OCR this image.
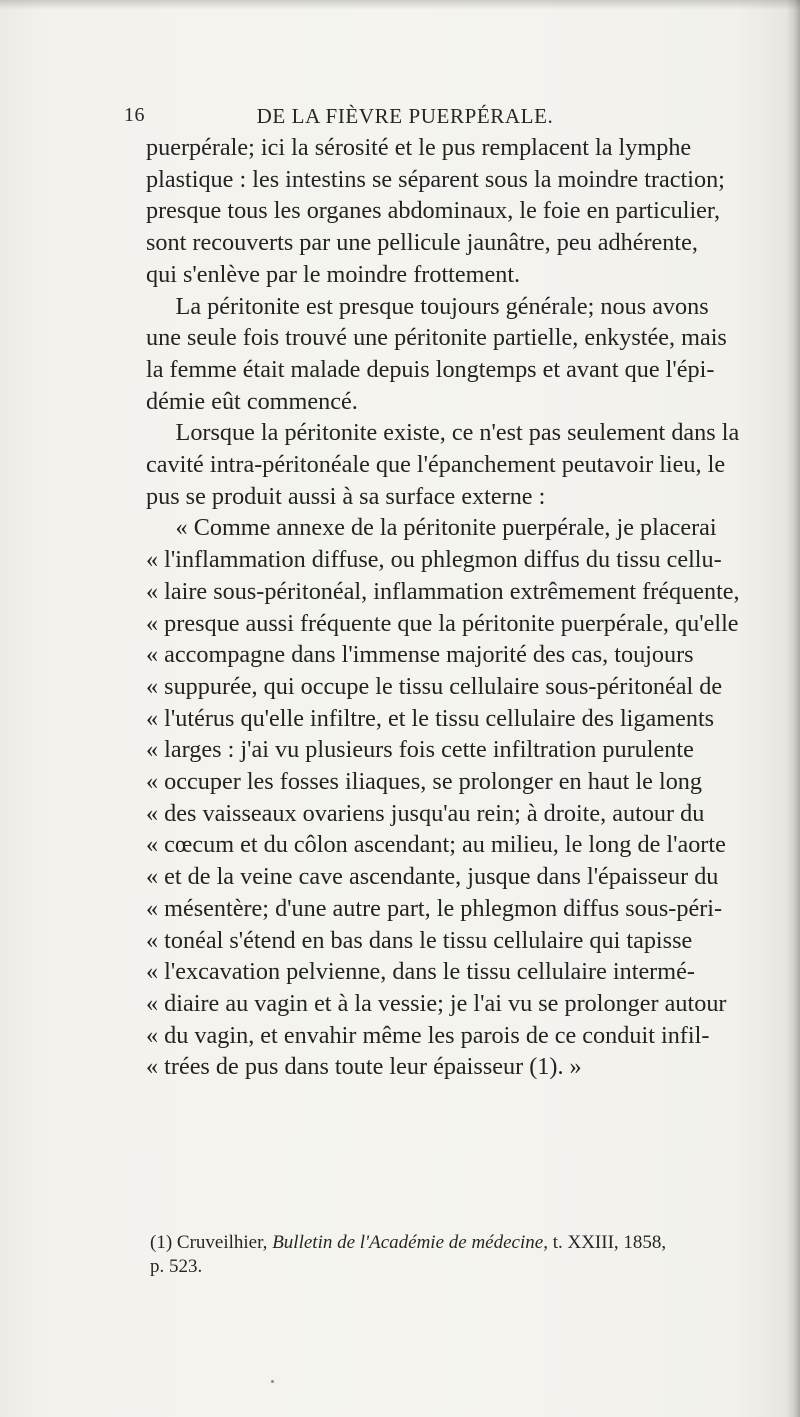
16	DE LA FIÈVRE PUERPÉRALE.
puerpérale; ici la sérosité et le pus remplacent la lymphe
plastique : les intestins se séparent sous la moindre traction;
presque tous les organes abdominaux, le foie en particulier,
sont recouverts par une pellicule jaunâtre, peu adhérente,
qui s'enlève par le moindre frottement.
La péritonite est presque toujours générale; nous avons
une seule fois trouvé une péritonite partielle, enkystée, mais
la femme était malade depuis longtemps et avant que l'épi-
démie eût commencé.
Lorsque la péritonite existe, ce n'est pas seulement dans la
cavité intra-péritonéale que l'épanchement peutavoir lieu, le
pus se produit aussi à sa surface externe :
« Comme annexe de la péritonite puerpérale, je placerai
« l'inflammation diffuse, ou phlegmon diffus du tissu cellu-
« laire sous-péritonéal, inflammation extrêmement fréquente,
« presque aussi fréquente que la péritonite puerpérale, qu'elle
« accompagne dans l'immense majorité des cas, toujours
« suppurée, qui occupe le tissu cellulaire sous-péritonéal de
« l'utérus qu'elle infiltre, et le tissu cellulaire des ligaments
« larges : j'ai vu plusieurs fois cette infiltration purulente
« occuper les fosses iliaques, se prolonger en haut le long
« des vaisseaux ovariens jusqu'au rein; à droite, autour du
« cœcum et du côlon ascendant; au milieu, le long de l'aorte
« et de la veine cave ascendante, jusque dans l'épaisseur du
« mésentère; d'une autre part, le phlegmon diffus sous-péri-
« tonéal s'étend en bas dans le tissu cellulaire qui tapisse
« l'excavation pelvienne, dans le tissu cellulaire intermé-
« diaire au vagin et à la vessie; je l'ai vu se prolonger autour
« du vagin, et envahir même les parois de ce conduit infil-
« trées de pus dans toute leur épaisseur (1). »
(1) Cruveilhier, Bulletin de l'Académie de médecine, t. XXIII, 1858,
p. 523.
